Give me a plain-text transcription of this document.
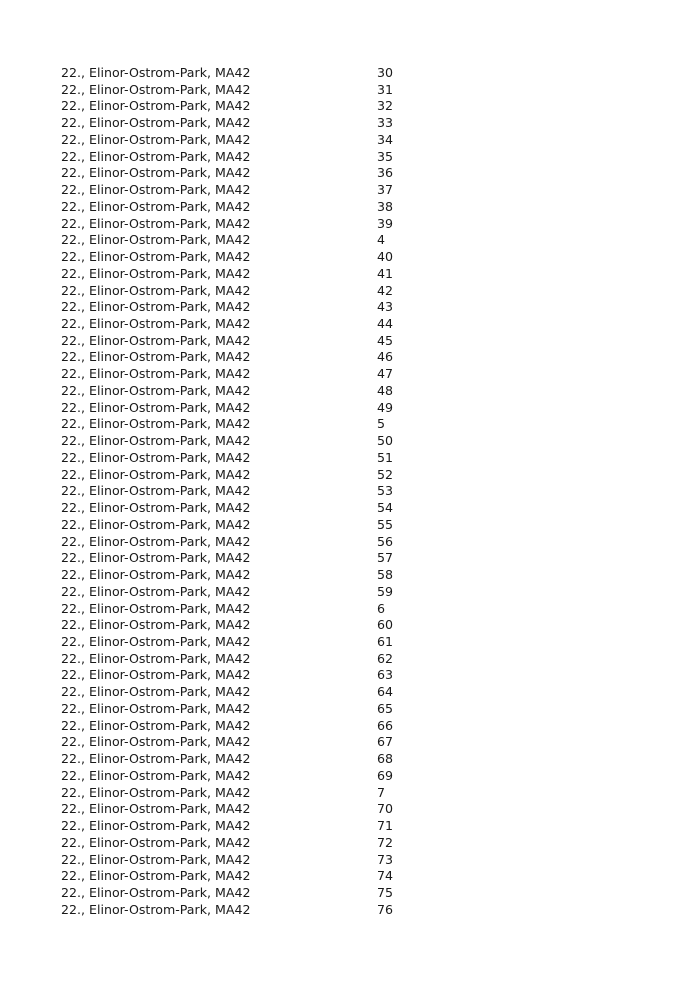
22., Elinor-Ostrom-Park, MA42	30
22., Elinor-Ostrom-Park, MA42	31
22., Elinor-Ostrom-Park, MA42	32
22., Elinor-Ostrom-Park, MA42	33
22., Elinor-Ostrom-Park, MA42	34
22., Elinor-Ostrom-Park, MA42	35
22., Elinor-Ostrom-Park, MA42	36
22., Elinor-Ostrom-Park, MA42	37
22., Elinor-Ostrom-Park, MA42	38
22., Elinor-Ostrom-Park, MA42	39
22., Elinor-Ostrom-Park, MA42	4
22., Elinor-Ostrom-Park, MA42	40
22., Elinor-Ostrom-Park, MA42	41
22., Elinor-Ostrom-Park, MA42	42
22., Elinor-Ostrom-Park, MA42	43
22., Elinor-Ostrom-Park, MA42	44
22., Elinor-Ostrom-Park, MA42	45
22., Elinor-Ostrom-Park, MA42	46
22., Elinor-Ostrom-Park, MA42	47
22., Elinor-Ostrom-Park, MA42	48
22., Elinor-Ostrom-Park, MA42	49
22., Elinor-Ostrom-Park, MA42	5
22., Elinor-Ostrom-Park, MA42	50
22., Elinor-Ostrom-Park, MA42	51
22., Elinor-Ostrom-Park, MA42	52
22., Elinor-Ostrom-Park, MA42	53
22., Elinor-Ostrom-Park, MA42	54
22., Elinor-Ostrom-Park, MA42	55
22., Elinor-Ostrom-Park, MA42	56
22., Elinor-Ostrom-Park, MA42	57
22., Elinor-Ostrom-Park, MA42	58
22., Elinor-Ostrom-Park, MA42	59
22., Elinor-Ostrom-Park, MA42	6
22., Elinor-Ostrom-Park, MA42	60
22., Elinor-Ostrom-Park, MA42	61
22., Elinor-Ostrom-Park, MA42	62
22., Elinor-Ostrom-Park, MA42	63
22., Elinor-Ostrom-Park, MA42	64
22., Elinor-Ostrom-Park, MA42	65
22., Elinor-Ostrom-Park, MA42	66
22., Elinor-Ostrom-Park, MA42	67
22., Elinor-Ostrom-Park, MA42	68
22., Elinor-Ostrom-Park, MA42	69
22., Elinor-Ostrom-Park, MA42	7
22., Elinor-Ostrom-Park, MA42	70
22., Elinor-Ostrom-Park, MA42	71
22., Elinor-Ostrom-Park, MA42	72
22., Elinor-Ostrom-Park, MA42	73
22., Elinor-Ostrom-Park, MA42	74
22., Elinor-Ostrom-Park, MA42	75
22., Elinor-Ostrom-Park, MA42	76
